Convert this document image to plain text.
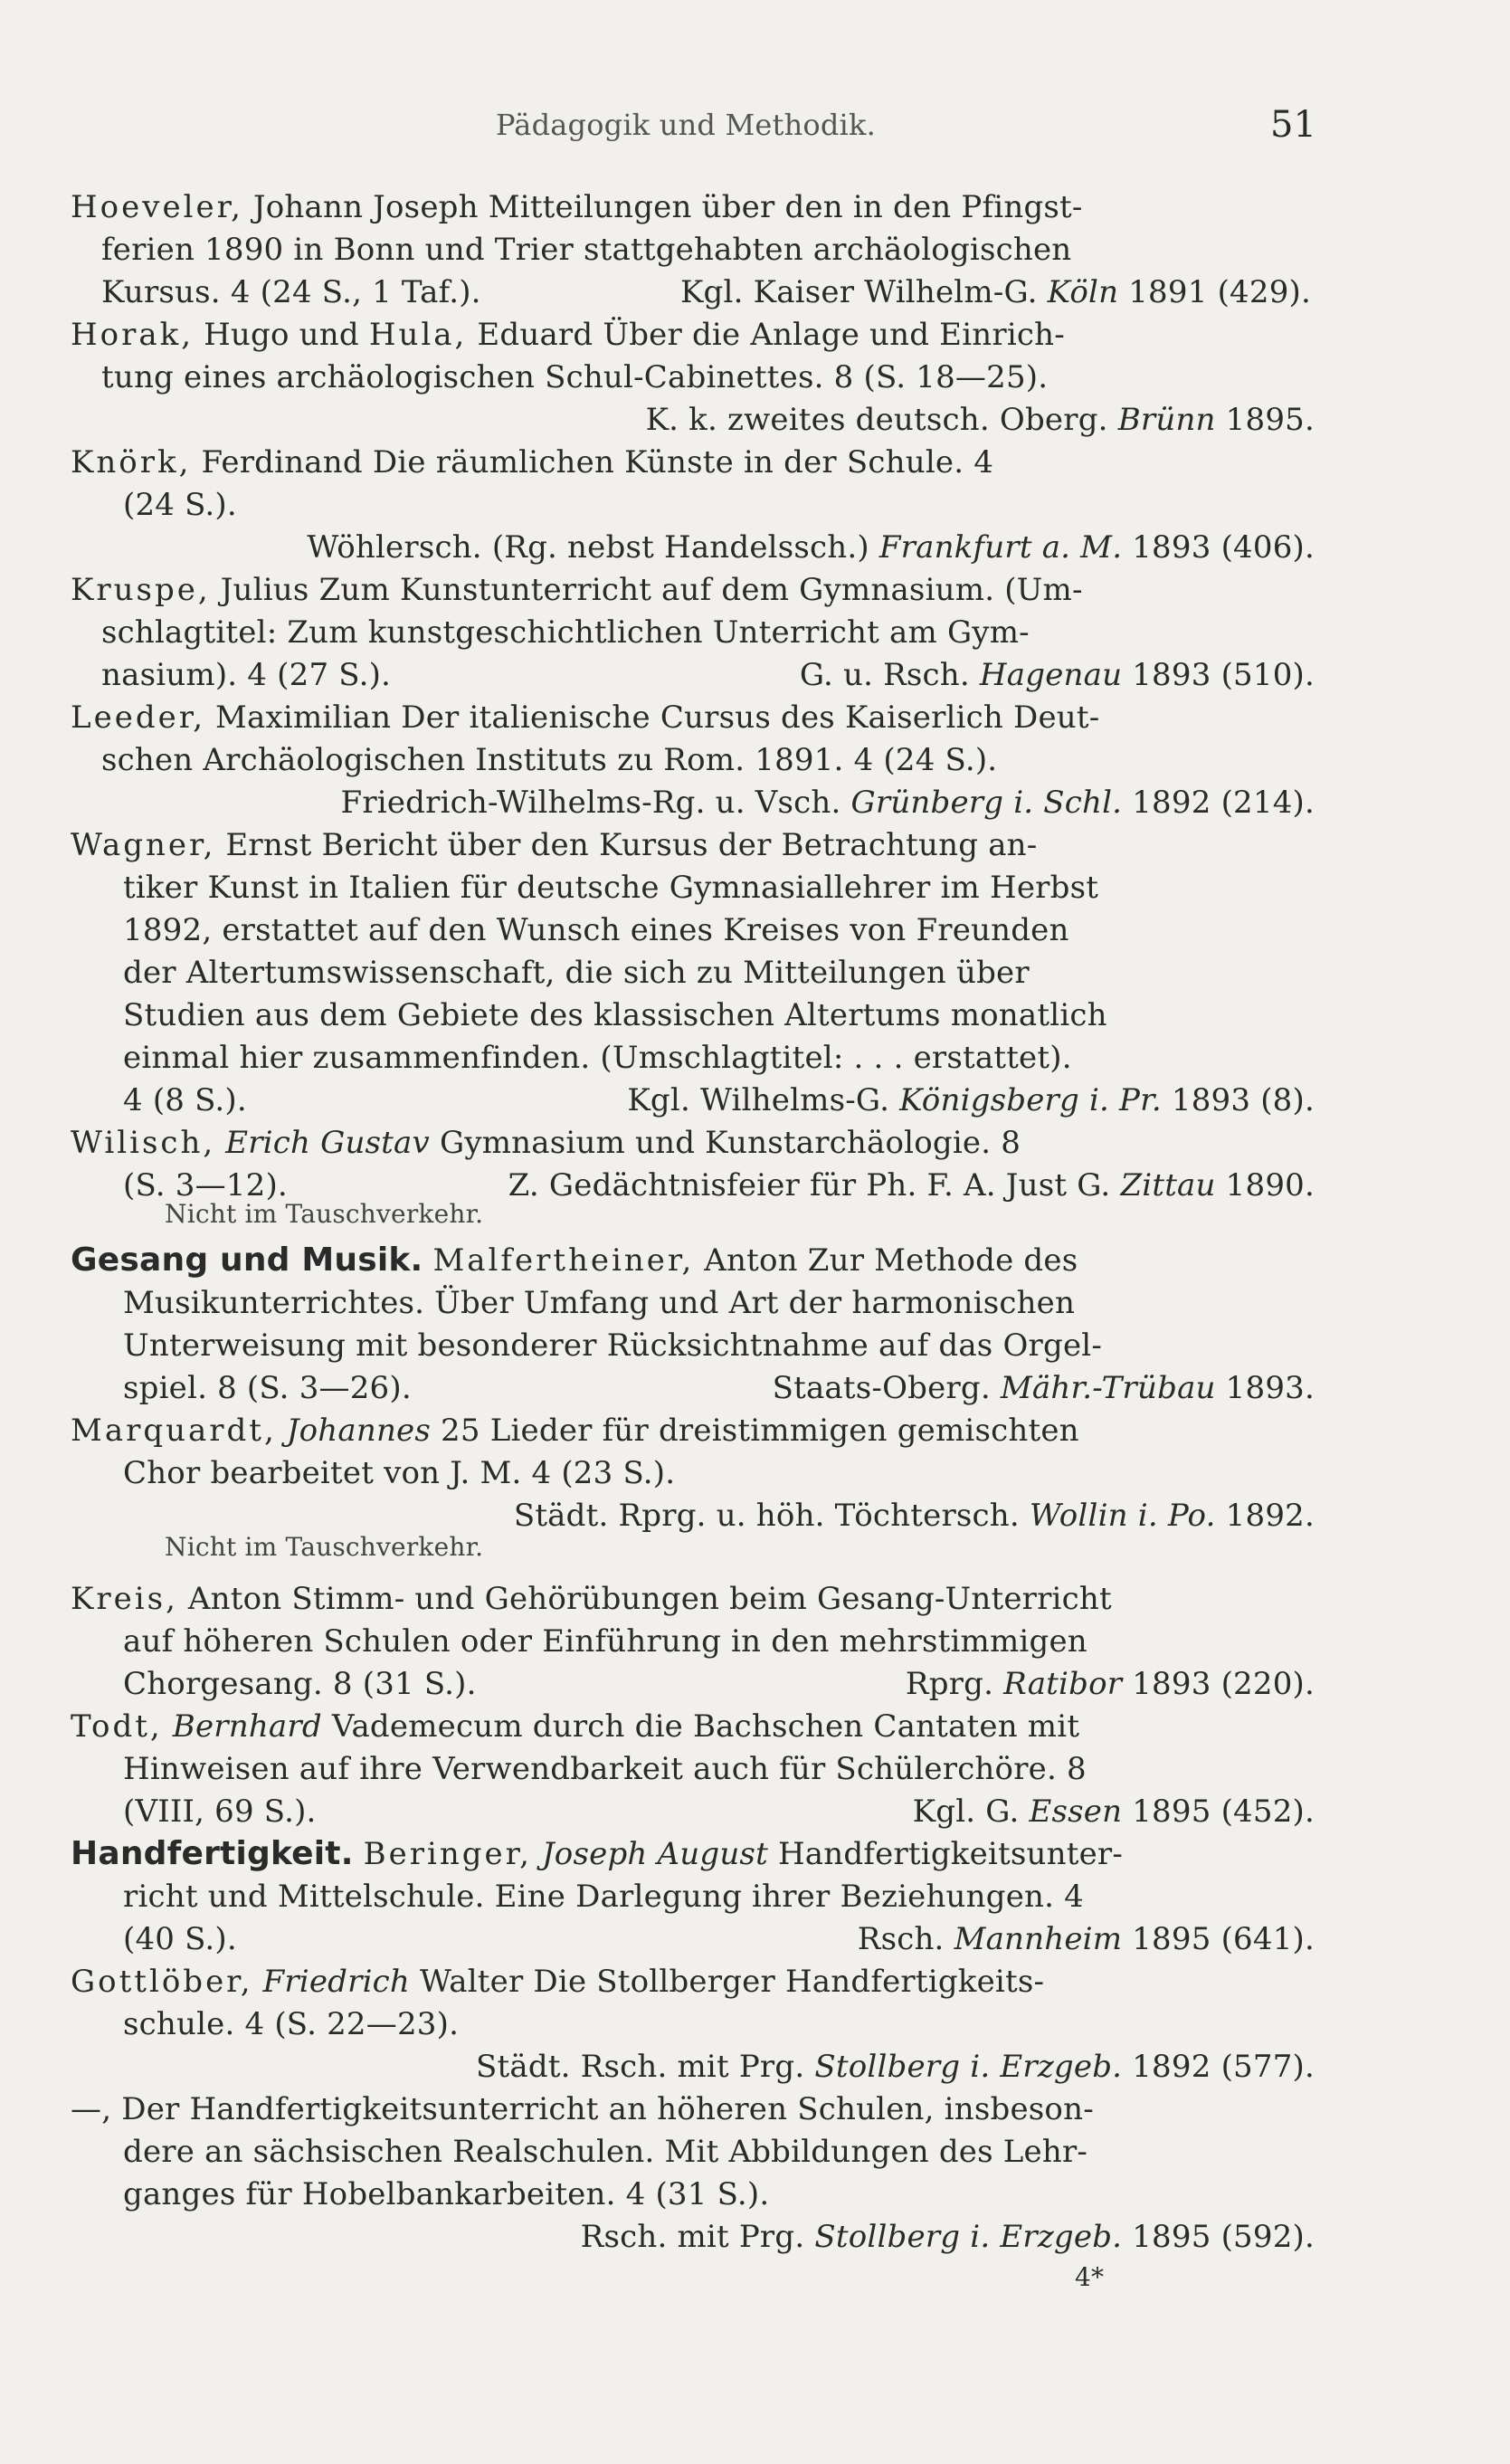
Pädagogik und Methodik.	51
Hoeveler, Johann Joseph Mitteilungen über den in den Pfingst-
ferien 1890 in Bonn und Trier stattgehabten archäologischen
Kursus. 4 (24 S., 1 Taf.).	Kgl. Kaiser Wilhelm-G. Köln 1891 (429).
Horak, Hugo und Hula, Eduard Über die Anlage und Einrich-
tung eines archäologischen Schul-Cabinettes. 8 (S. 18—25).
K. k. zweites deutsch. Oberg. Brünn 1895.
Knörk, Ferdinand Die räumlichen Künste in der Schule. 4
(24 S.).
Wöhlersch. (Rg. nebst Handelssch.) Frankfurt a. M. 1893 (406).
Kruspe, Julius Zum Kunstunterricht auf dem Gymnasium. (Um-
schlagtitel: Zum kunstgeschichtlichen Unterricht am Gym-
nasium). 4 (27 S.).	G. u. Rsch. Hagenau 1893 (510).
Leeder, Maximilian Der italienische Cursus des Kaiserlich Deut-
schen Archäologischen Instituts zu Rom. 1891. 4 (24 S.).
Friedrich-Wilhelms-Rg. u. Vsch. Grünberg i. Schl. 1892 (214).
Wagner, Ernst Bericht über den Kursus der Betrachtung an-
tiker Kunst in Italien für deutsche Gymnasiallehrer im Herbst
1892, erstattet auf den Wunsch eines Kreises von Freunden
der Altertumswissenschaft, die sich zu Mitteilungen über
Studien aus dem Gebiete des klassischen Altertums monatlich
einmal hier zusammenfinden. (Umschlagtitel: . . . erstattet).
4 (8 S.).	Kgl. Wilhelms-G. Königsberg i. Pr. 1893 (8).
Wilisch, Erich Gustav Gymnasium und Kunstarchäologie. 8
(S. 3—12).	Z. Gedächtnisfeier für Ph. F. A. Just G. Zittau 1890.
Nicht im Tauschverkehr.
Gesang und Musik. Malfertheiner, Anton Zur Methode des
Musikunterrichtes. Über Umfang und Art der harmonischen
Unterweisung mit besonderer Rücksichtnahme auf das Orgel-
spiel. 8 (S. 3—26).	Staats-Oberg. Mähr.-Trübau 1893.
Marquardt, Johannes 25 Lieder für dreistimmigen gemischten
Chor bearbeitet von J. M. 4 (23 S.).
Städt. Rprg. u. höh. Töchtersch. Wollin i. Po. 1892.
Nicht im Tauschverkehr.
Kreis, Anton Stimm- und Gehörübungen beim Gesang-Unterricht
auf höheren Schulen oder Einführung in den mehrstimmigen
Chorgesang. 8 (31 S.).	Rprg. Ratibor 1893 (220).
Todt, Bernhard Vademecum durch die Bachschen Cantaten mit
Hinweisen auf ihre Verwendbarkeit auch für Schülerchöre. 8
(VIII, 69 S.).	Kgl. G. Essen 1895 (452).
Handfertigkeit. Beringer, Joseph August Handfertigkeitsunter-
richt und Mittelschule. Eine Darlegung ihrer Beziehungen. 4
(40 S.).	Rsch. Mannheim 1895 (641).
Gottlöber, Friedrich Walter Die Stollberger Handfertigkeits-
schule. 4 (S. 22—23).
Städt. Rsch. mit Prg. Stollberg i. Erzgeb. 1892 (577).
—, Der Handfertigkeitsunterricht an höheren Schulen, insbeson-
dere an sächsischen Realschulen. Mit Abbildungen des Lehr-
ganges für Hobelbankarbeiten. 4 (31 S.).
Rsch. mit Prg. Stollberg i. Erzgeb. 1895 (592).
4*
